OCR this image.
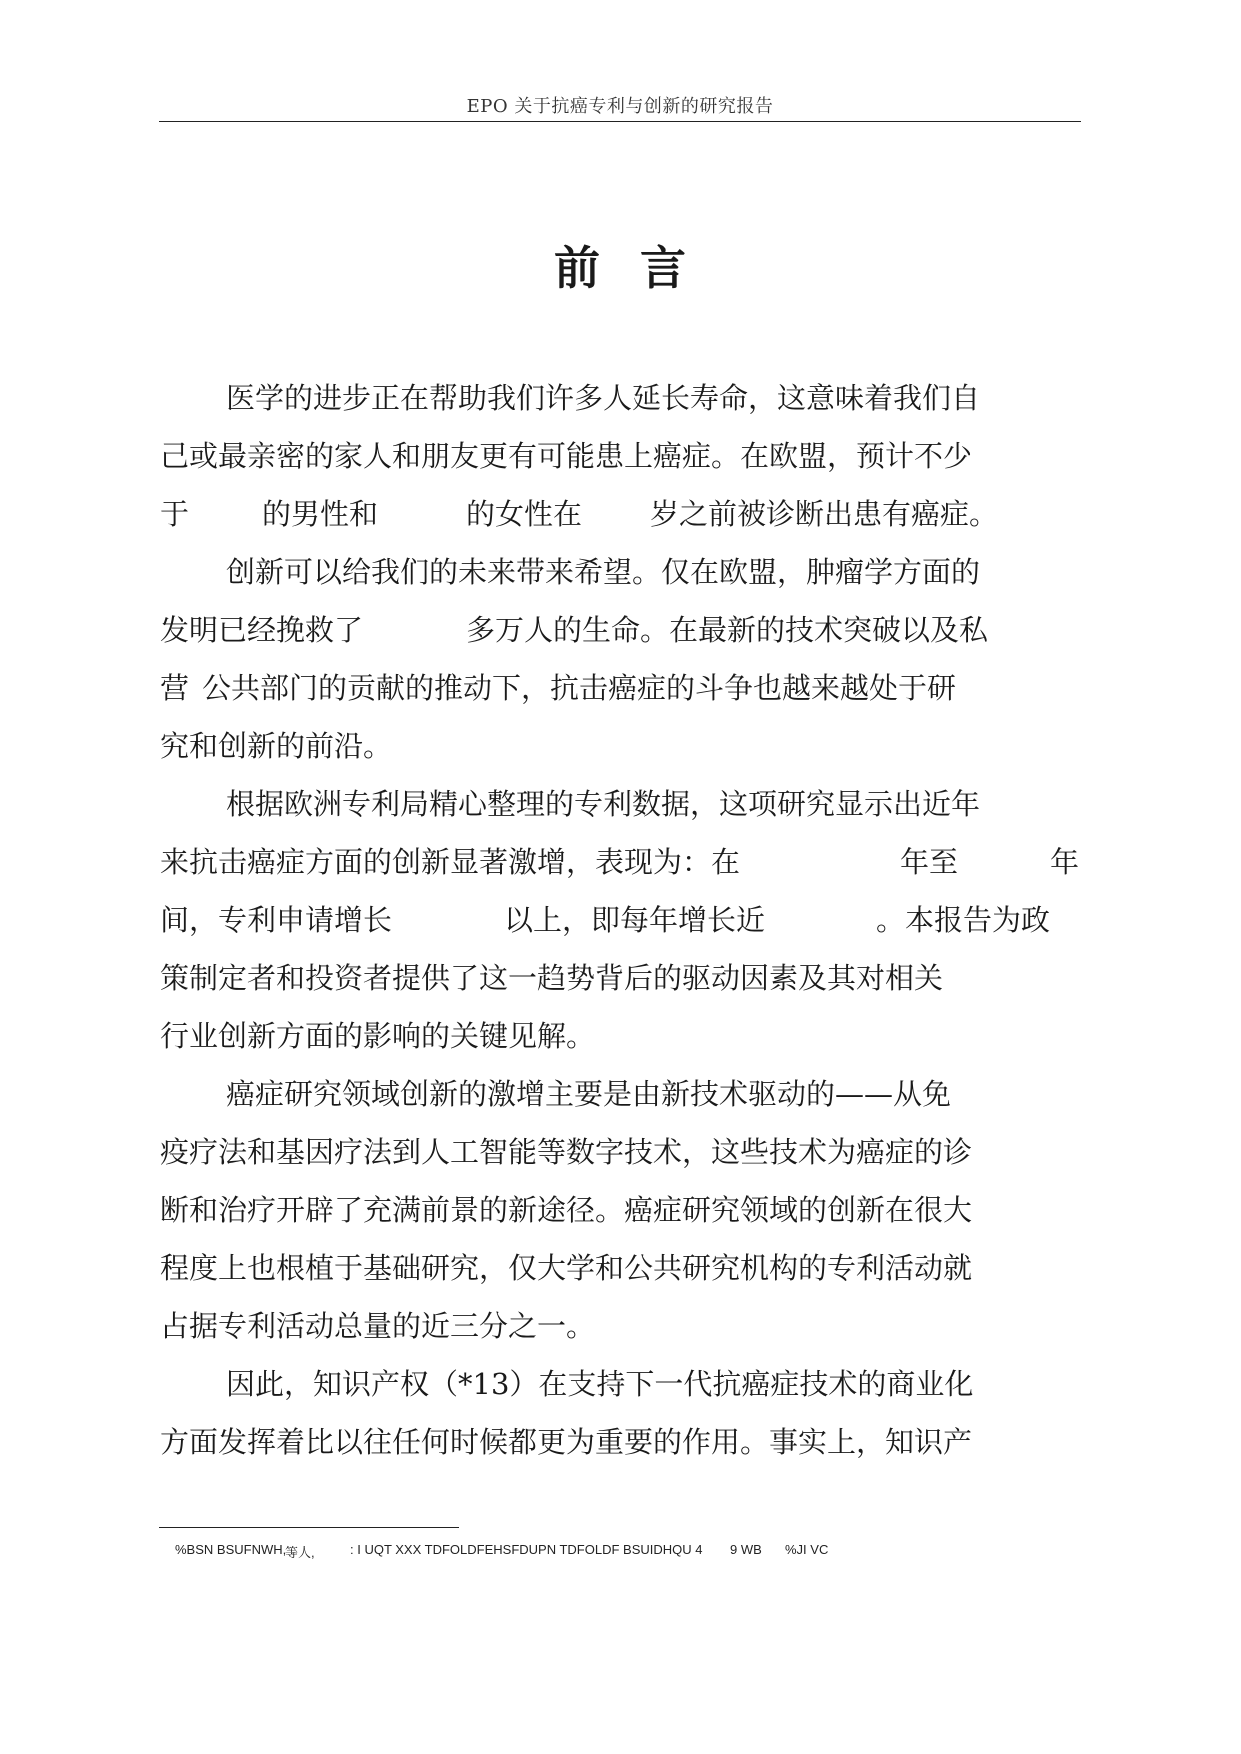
EPO 关于抗癌专利与创新的研究报告
前言
医学的进步正在帮助我们许多人延长寿命，这意味着我们自
己或最亲密的家人和朋友更有可能患上癌症。在欧盟，预计不少
于	的男性和	的女性在 岁之前被诊断出患有癌症。
创新可以给我们的未来带来希望。仅在欧盟，肿瘤学方面的
发明已经挽救了	多万人的生命。在最新的技术突破以及私
营 公共部门的贡献的推动下，抗击癌症的斗争也越来越处于研
究和创新的前沿。
根据欧洲专利局精心整理的专利数据，这项研究显示出近年
来抗击癌症方面的创新显著激增，表现为：在	年至	年
间，专利申请增长	以上，即每年增长近	。本报告为政
策制定者和投资者提供了这一趋势背后的驱动因素及其对相关
行业创新方面的影响的关键见解。
癌症研究领域创新的激增主要是由新技术驱动的——从免
疫疗法和基因疗法到人工智能等数字技术，这些技术为癌症的诊
断和治疗开辟了充满前景的新途径。癌症研究领域的创新在很大
程度上也根植于基础研究，仅大学和公共研究机构的专利活动就
占据专利活动总量的近三分之一。
因此，知识产权（*13）在支持下一代抗癌症技术的商业化
方面发挥着比以往任何时候都更为重要的作用。事实上，知识产
%BSN BSUFNWH, .
等人,	: I UQT XXX TDFOLDFEHSFDUPN TDFOLDF BSUIDHQU 4 9 WB %JI VC
